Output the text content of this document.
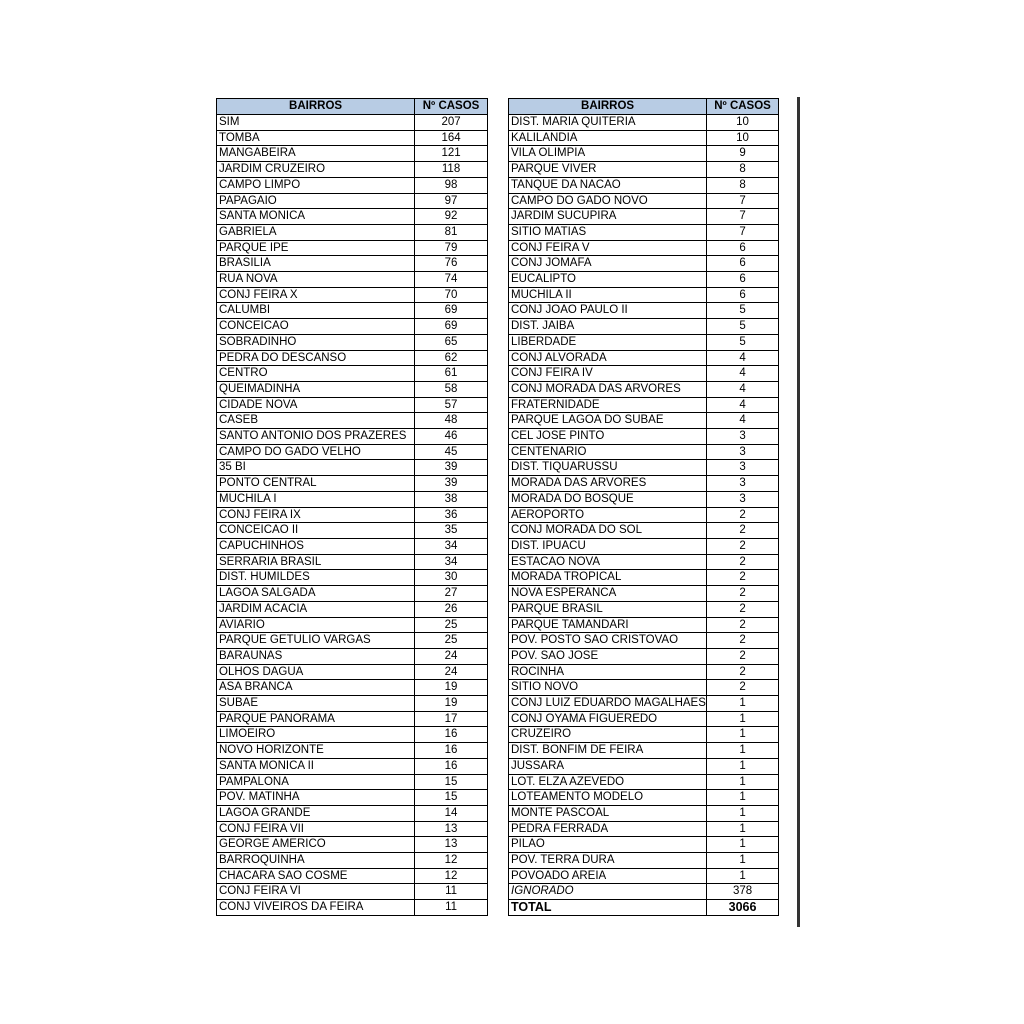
BAIRROS	Nº CASOS
SIM	207
TOMBA	164
MANGABEIRA	121
JARDIM CRUZEIRO	118
CAMPO LIMPO	98
PAPAGAIO	97
SANTA MONICA	92
GABRIELA	81
PARQUE IPE	79
BRASILIA	76
RUA NOVA	74
CONJ FEIRA X	70
CALUMBI	69
CONCEICAO	69
SOBRADINHO	65
PEDRA DO DESCANSO	62
CENTRO	61
QUEIMADINHA	58
CIDADE NOVA	57
CASEB	48
SANTO ANTONIO DOS PRAZERES	46
CAMPO DO GADO VELHO	45
35 BI	39
PONTO CENTRAL	39
MUCHILA I	38
CONJ FEIRA IX	36
CONCEICAO II	35
CAPUCHINHOS	34
SERRARIA BRASIL	34
DIST. HUMILDES	30
LAGOA SALGADA	27
JARDIM ACACIA	26
AVIARIO	25
PARQUE GETULIO VARGAS	25
BARAUNAS	24
OLHOS DAGUA	24
ASA BRANCA	19
SUBAE	19
PARQUE PANORAMA	17
LIMOEIRO	16
NOVO HORIZONTE	16
SANTA MONICA II	16
PAMPALONA	15
POV. MATINHA	15
LAGOA GRANDE	14
CONJ FEIRA VII	13
GEORGE AMERICO	13
BARROQUINHA	12
CHACARA SAO COSME	12
CONJ FEIRA VI	11
CONJ VIVEIROS DA FEIRA	11
BAIRROS	Nº CASOS
DIST. MARIA QUITERIA	10
KALILANDIA	10
VILA OLIMPIA	9
PARQUE VIVER	8
TANQUE DA NACAO	8
CAMPO DO GADO NOVO	7
JARDIM SUCUPIRA	7
SITIO MATIAS	7
CONJ FEIRA V	6
CONJ JOMAFA	6
EUCALIPTO	6
MUCHILA II	6
CONJ JOAO PAULO II	5
DIST. JAIBA	5
LIBERDADE	5
CONJ ALVORADA	4
CONJ FEIRA IV	4
CONJ MORADA DAS ARVORES	4
FRATERNIDADE	4
PARQUE LAGOA DO SUBAE	4
CEL JOSE PINTO	3
CENTENARIO	3
DIST. TIQUARUSSU	3
MORADA DAS ARVORES	3
MORADA DO BOSQUE	3
AEROPORTO	2
CONJ MORADA DO SOL	2
DIST. IPUACU	2
ESTACAO NOVA	2
MORADA TROPICAL	2
NOVA ESPERANCA	2
PARQUE BRASIL	2
PARQUE TAMANDARI	2
POV. POSTO SAO CRISTOVAO	2
POV. SAO JOSE	2
ROCINHA	2
SITIO NOVO	2
CONJ LUIZ EDUARDO MAGALHAES	1
CONJ OYAMA FIGUEREDO	1
CRUZEIRO	1
DIST. BONFIM DE FEIRA	1
JUSSARA	1
LOT. ELZA AZEVEDO	1
LOTEAMENTO MODELO	1
MONTE PASCOAL	1
PEDRA FERRADA	1
PILAO	1
POV. TERRA DURA	1
POVOADO AREIA	1
IGNORADO	378
TOTAL	3066
